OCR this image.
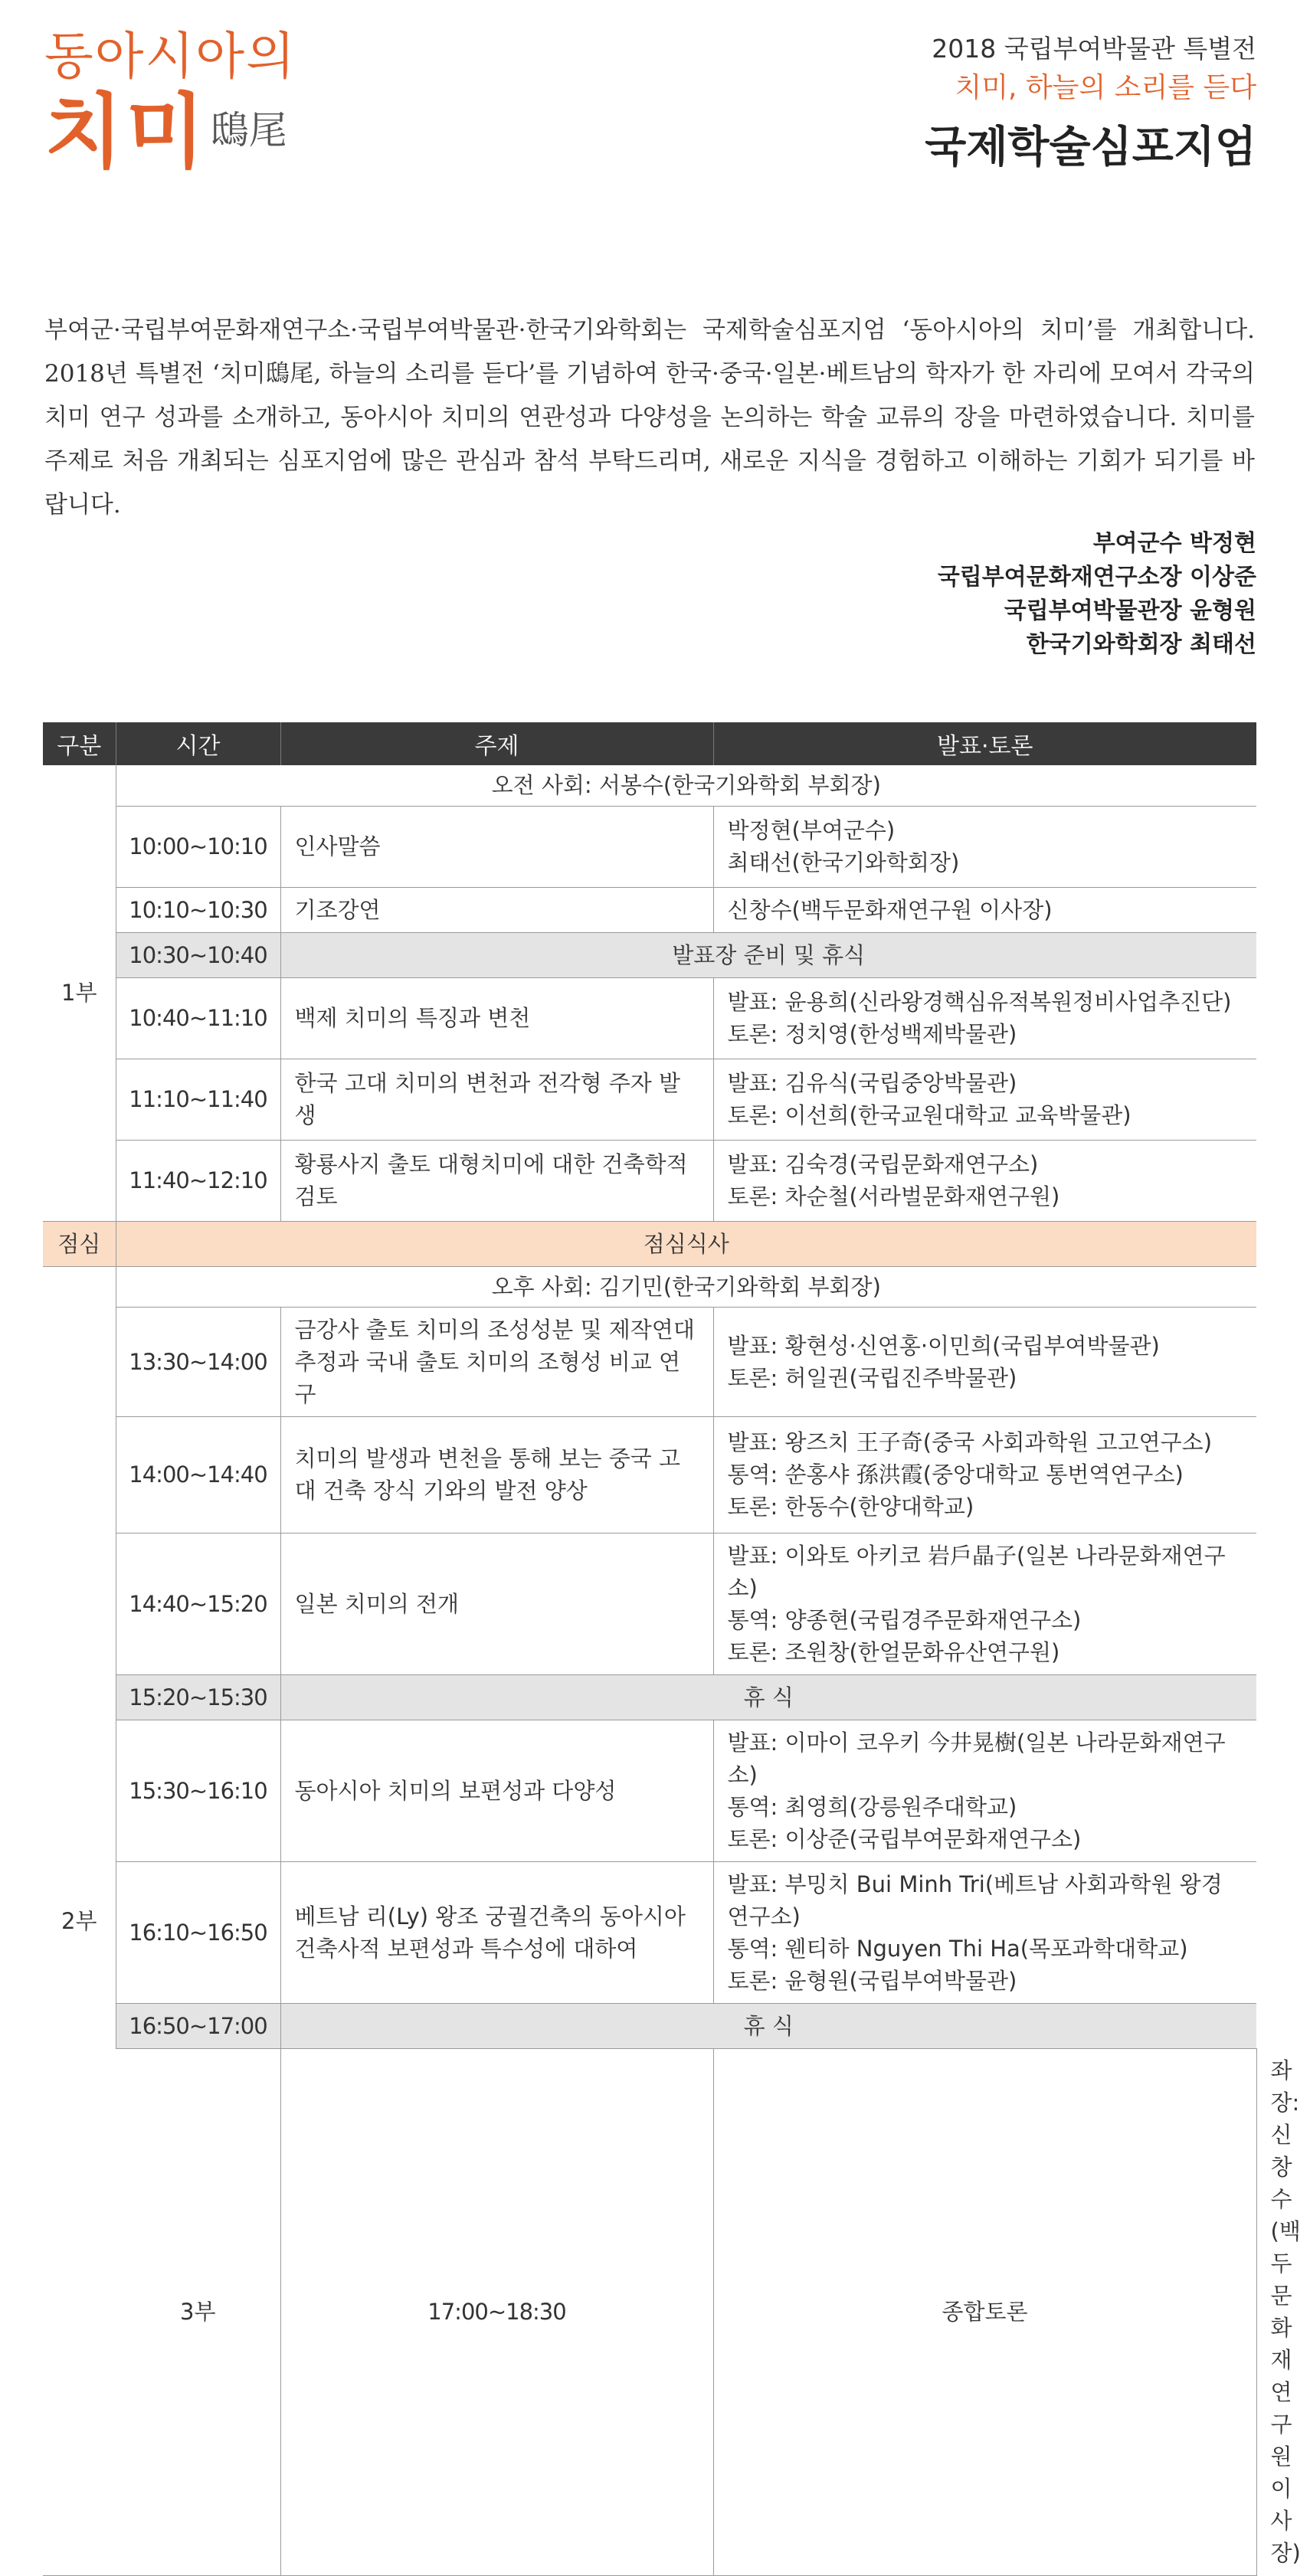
동아시아의
치미鴟尾
2018 국립부여박물관 특별전
치미, 하늘의 소리를 듣다
국제학술심포지엄

부여군·국립부여문화재연구소·국립부여박물관·한국기와학회는 국제학술심포지엄 ‘동아시아의 치미’를 개최합니다. 2018년 특별전 ‘치미鴟尾, 하늘의 소리를 듣다’를 기념하여 한국·중국·일본·베트남의 학자가 한 자리에 모여서 각국의 치미 연구 성과를 소개하고, 동아시아 치미의 연관성과 다양성을 논의하는 학술 교류의 장을 마련하였습니다. 치미를 주제로 처음 개최되는 심포지엄에 많은 관심과 참석 부탁드리며, 새로운 지식을 경험하고 이해하는 기회가 되기를 바랍니다.

부여군수 박정현
국립부여문화재연구소장 이상준
국립부여박물관장 윤형원
한국기와학회장 최태선
구분	시간	주제	발표·토론	
1부	오전 사회: 서봉수(한국기와학회 부회장)			
	10:00~10:10	인사말씀	박정현(부여군수)
최태선(한국기와학회장)	

	10:10~10:30	기조강연	신창수(백두문화재연구원 이사장)	

	10:30~10:40	발표장 준비 및 휴식		
	10:40~11:10	백제 치미의 특징과 변천	발표: 윤용희(신라왕경핵심유적복원정비사업추진단)
토론: 정치영(한성백제박물관)	

	11:10~11:40	한국 고대 치미의 변천과 전각형 주자 발생	발표: 김유식(국립중앙박물관)
토론: 이선희(한국교원대학교 교육박물관)	

	11:40~12:10	황룡사지 출토 대형치미에 대한 건축학적 검토	발표: 김숙경(국립문화재연구소)
토론: 차순철(서라벌문화재연구원)	

점심	점심식사			
2부	오후 사회: 김기민(한국기와학회 부회장)			
	13:30~14:00	금강사 출토 치미의 조성성분 및 제작연대 추정과 국내 출토 치미의 조형성 비교 연구	발표: 황현성·신연홍·이민희(국립부여박물관)
토론: 허일권(국립진주박물관)	

	14:00~14:40	치미의 발생과 변천을 통해 보는 중국 고대 건축 장식 기와의 발전 양상	발표: 왕즈치 王子奇(중국 사회과학원 고고연구소)
통역: 쑨홍샤 孫洪霞(중앙대학교 통번역연구소)
토론: 한동수(한양대학교)	

	14:40~15:20	일본 치미의 전개	발표: 이와토 아키코 岩戶晶子(일본 나라문화재연구소)
통역: 양종현(국립경주문화재연구소)
토론: 조원창(한얼문화유산연구원)	

	15:20~15:30	휴 식		
	15:30~16:10	동아시아 치미의 보편성과 다양성	발표: 이마이 코우키 今井晃樹(일본 나라문화재연구소)
통역: 최영희(강릉원주대학교)
토론: 이상준(국립부여문화재연구소)	

	16:10~16:50	베트남 리(Ly) 왕조 궁궐건축의 동아시아 건축사적 보편성과 특수성에 대하여	발표: 부밍치 Bui Minh Tri(베트남 사회과학원 왕경연구소)
통역: 웬티하 Nguyen Thi Ha(목포과학대학교)
토론: 윤형원(국립부여박물관)	

	16:50~17:00	휴 식		
	3부	17:00~18:30	종합토론	좌장: 신창수(백두문화재연구원 이사장)
